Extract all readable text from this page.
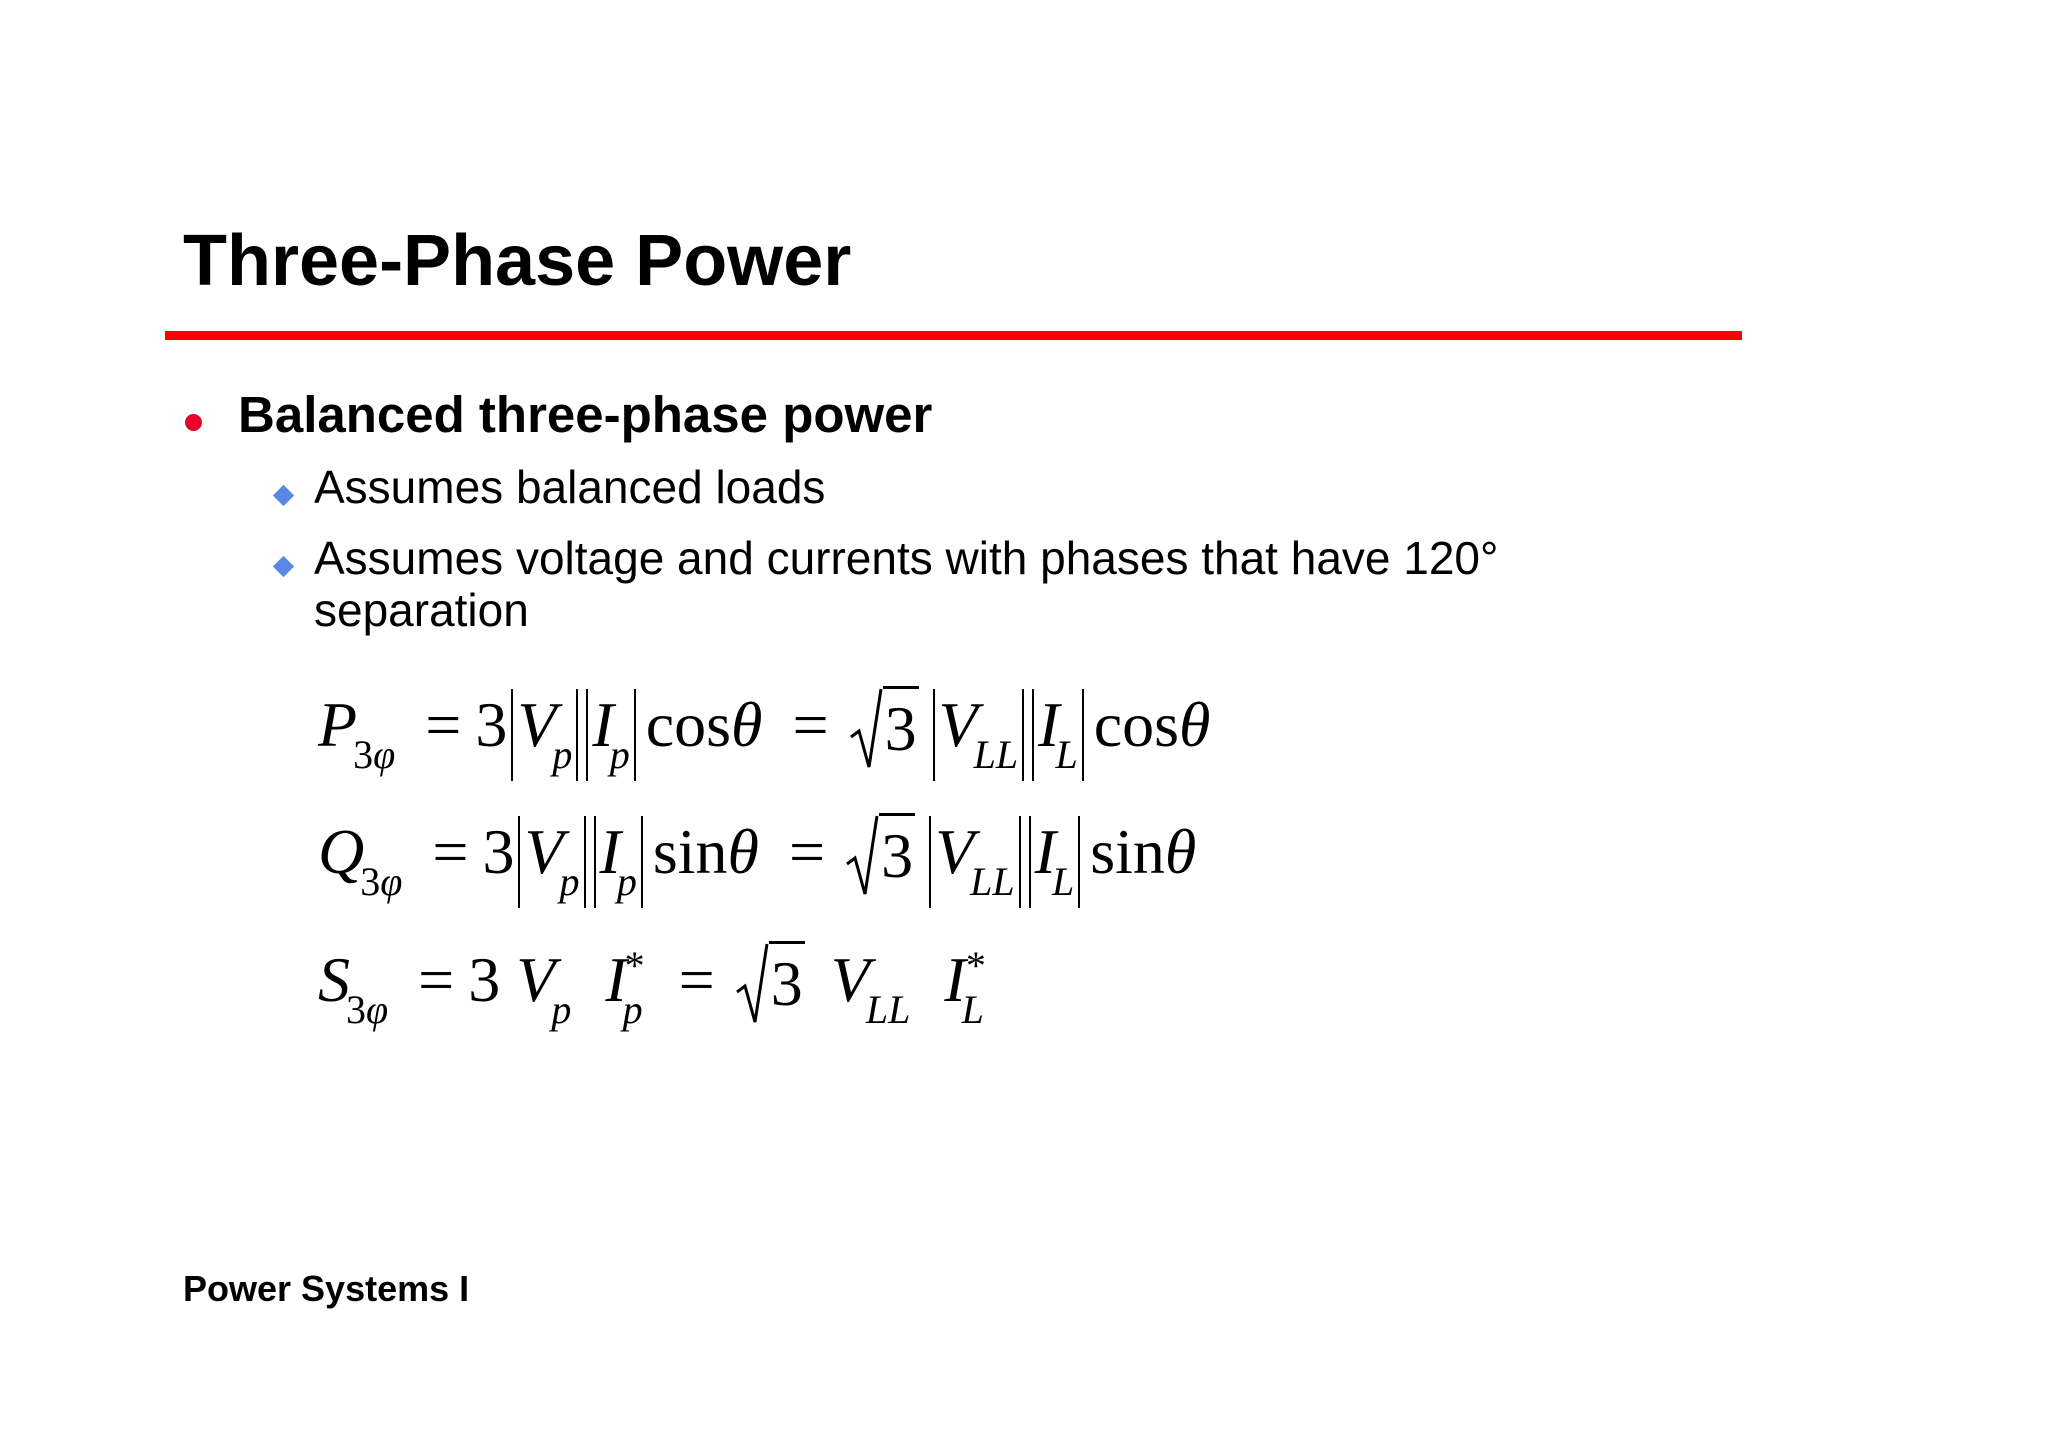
Three-Phase Power
Balanced three-phase power
Assumes balanced loads
Assumes voltage and currents with phases that have 120°
separation
$P_{3\varphi} = 3$ $V_p$ $I_p$ cosθ = 3 $V_{LL}$ $I_L$ cosθ
$Q_{3\varphi} = 3$ $V_p$ $I_p$ sinθ = 3 $V_{LL}$ $I_L$ sinθ
$S_{3\varphi} = 3$ $V_p$ $I_p^* = 3$ $V_{LL}$ $I_L^*$
Power Systems I
